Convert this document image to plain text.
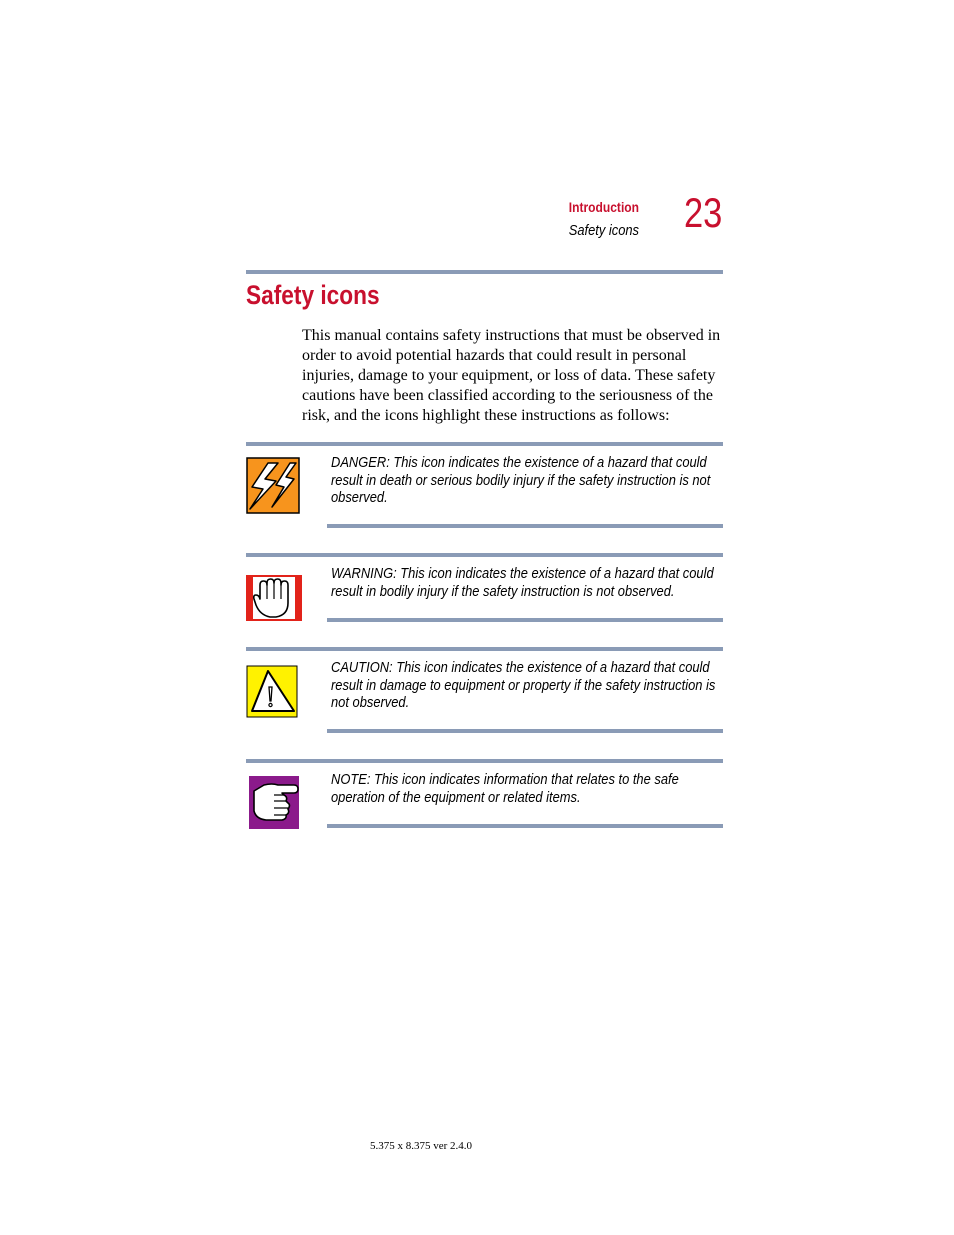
Introduction
Safety icons 23
Safety icons

This manual contains safety instructions that must be observed in order to avoid potential hazards that could result in personal injuries, damage to your equipment, or loss of data. These safety cautions have been classified according to the seriousness of the risk, and the icons highlight these instructions as follows:

DANGER: This icon indicates the existence of a hazard that could result in death or serious bodily injury if the safety instruction is not observed.

WARNING: This icon indicates the existence of a hazard that could result in bodily injury if the safety instruction is not observed.

CAUTION: This icon indicates the existence of a hazard that could result in damage to equipment or property if the safety instruction is not observed.

NOTE: This icon indicates information that relates to the safe operation of the equipment or related items.

5.375 x 8.375 ver 2.4.0
